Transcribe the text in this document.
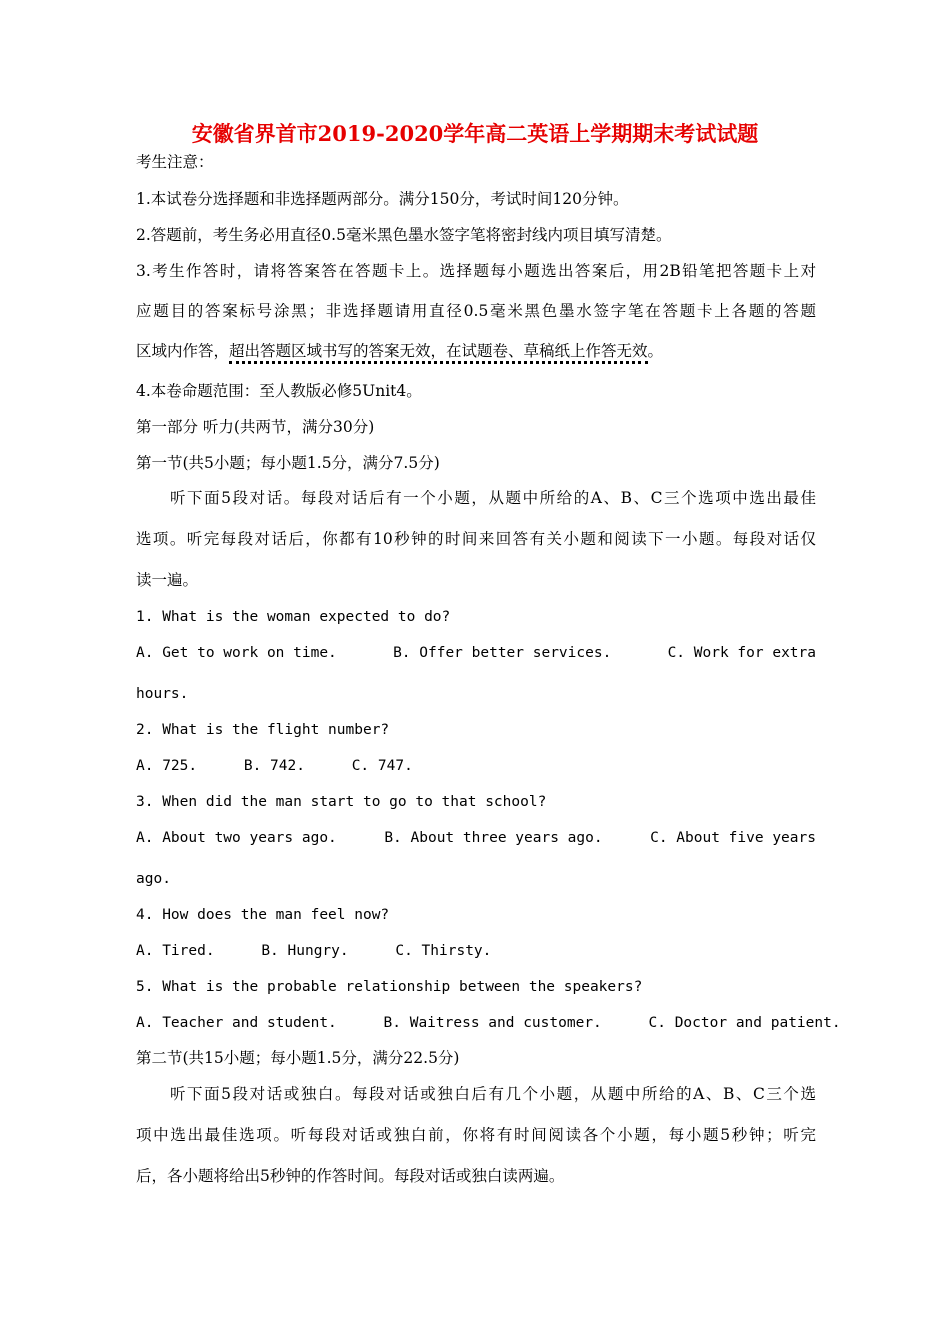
安徽省界首市2019-2020学年高二英语上学期期末考试试题
考生注意：
1.本试卷分选择题和非选择题两部分。满分150分，考试时间120分钟。
2.答题前，考生务必用直径0.5毫米黑色墨水签字笔将密封线内项目填写清楚。
3.考生作答时，请将答案答在答题卡上。选择题每小题选出答案后，用2B铅笔把答题卡上对
应题目的答案标号涂黑；非选择题请用直径0.5毫米黑色墨水签字笔在答题卡上各题的答题
区域内作答，超出答题区域书写的答案无效，在试题卷、草稿纸上作答无效。
4.本卷命题范围：至人教版必修5Unit4。
第一部分 听力(共两节，满分30分)
第一节(共5小题；每小题1.5分，满分7.5分)
听下面5段对话。每段对话后有一个小题，从题中所给的A、B、C三个选项中选出最佳
选项。听完每段对话后，你都有10秒钟的时间来回答有关小题和阅读下一小题。每段对话仅
读一遍。
1. What is the woman expected to do?
A. Get to work on time.	B. Offer better services.	C. Work for extra
hours.
2. What is the flight number?
A. 725.	B. 742.	C. 747.
3. When did the man start to go to that school?
A. About two years ago.	B. About three years ago.	C. About five years
ago.
4. How does the man feel now?
A. Tired.	B. Hungry.	C. Thirsty.
5. What is the probable relationship between the speakers?
A. Teacher and student.	B. Waitress and customer.	C. Doctor and patient.
第二节(共15小题；每小题1.5分，满分22.5分)
听下面5段对话或独白。每段对话或独白后有几个小题，从题中所给的A、B、C三个选
项中选出最佳选项。听每段对话或独白前，你将有时间阅读各个小题，每小题5秒钟；听完
后，各小题将给出5秒钟的作答时间。每段对话或独白读两遍。
